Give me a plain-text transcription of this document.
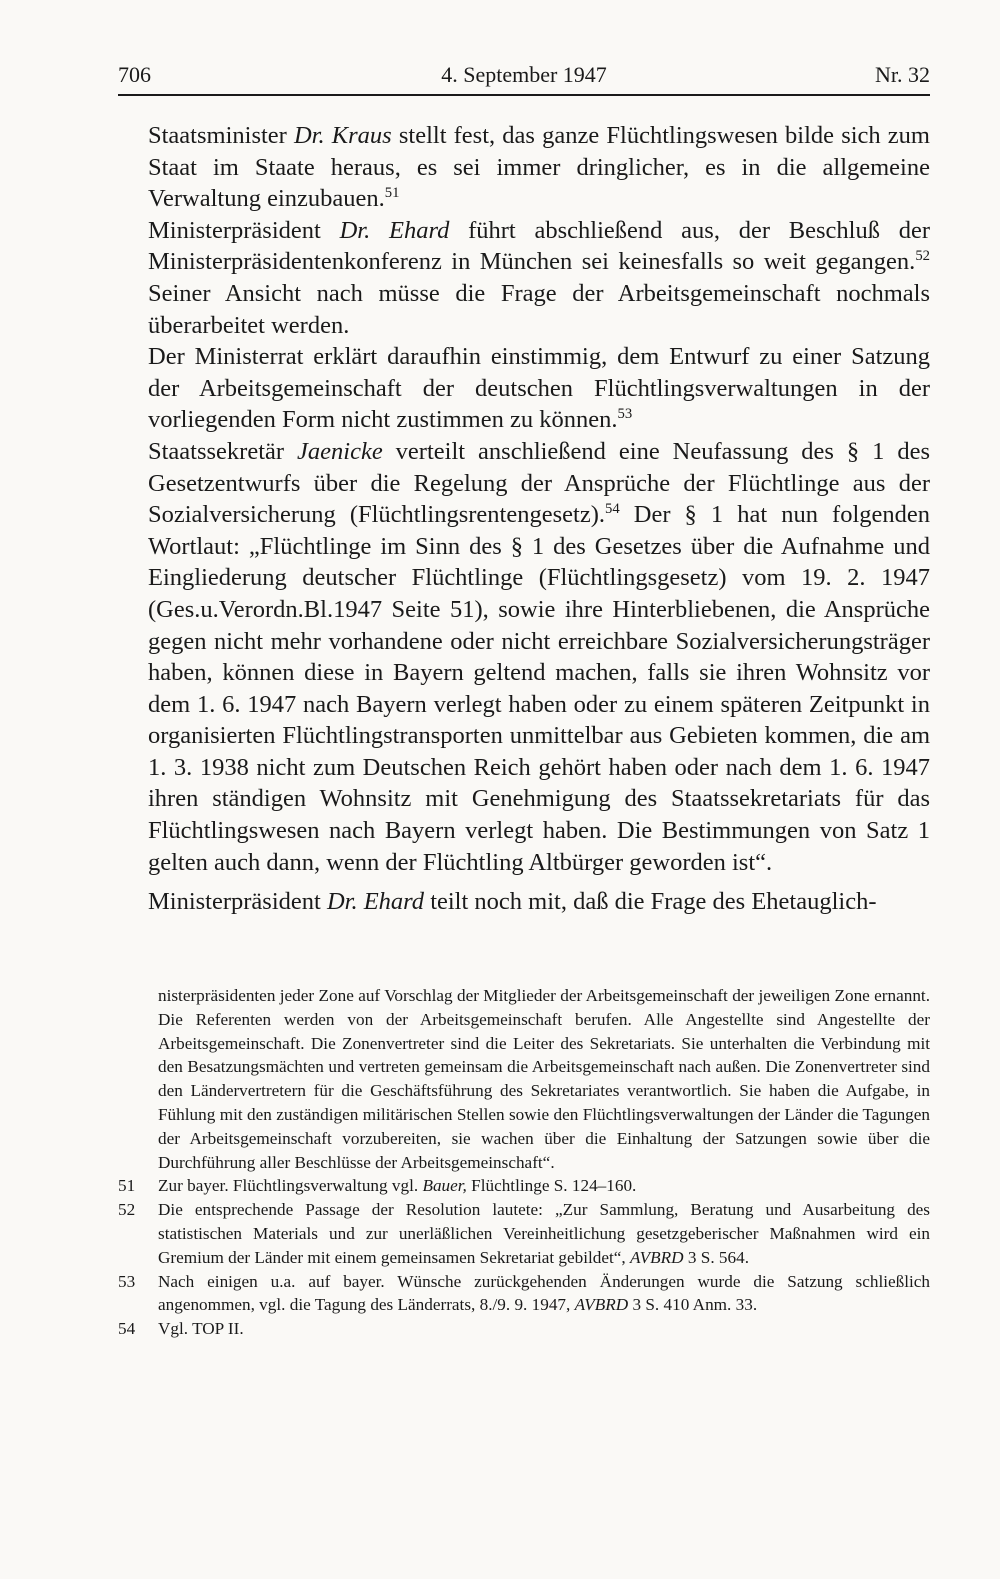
706	4. September 1947	Nr. 32

Staatsminister Dr. Kraus stellt fest, das ganze Flüchtlingswesen bilde sich zum Staat im Staate heraus, es sei immer dringlicher, es in die allgemeine Verwaltung einzubauen.$^{51}$

Ministerpräsident Dr. Ehard führt abschließend aus, der Beschluß der Ministerpräsidentenkonferenz in München sei keinesfalls so weit gegangen.$^{52}$ Seiner Ansicht nach müsse die Frage der Arbeitsgemeinschaft nochmals überarbeitet werden.

Der Ministerrat erklärt daraufhin einstimmig, dem Entwurf zu einer Satzung der Arbeitsgemeinschaft der deutschen Flüchtlingsverwaltungen in der vorliegenden Form nicht zustimmen zu können.$^{53}$

Staatssekretär Jaenicke verteilt anschließend eine Neufassung des § 1 des Gesetzentwurfs über die Regelung der Ansprüche der Flüchtlinge aus der Sozialversicherung (Flüchtlingsrentengesetz).$^{54}$ Der § 1 hat nun folgenden Wortlaut: „Flüchtlinge im Sinn des § 1 des Gesetzes über die Aufnahme und Eingliederung deutscher Flüchtlinge (Flüchtlingsgesetz) vom 19. 2. 1947 (Ges.u.Verordn.Bl.1947 Seite 51), sowie ihre Hinterbliebenen, die Ansprüche gegen nicht mehr vorhandene oder nicht erreichbare Sozialversicherungsträger haben, können diese in Bayern geltend machen, falls sie ihren Wohnsitz vor dem 1. 6. 1947 nach Bayern verlegt haben oder zu einem späteren Zeitpunkt in organisierten Flüchtlingstransporten unmittelbar aus Gebieten kommen, die am 1. 3. 1938 nicht zum Deutschen Reich gehört haben oder nach dem 1. 6. 1947 ihren ständigen Wohnsitz mit Genehmigung des Staatssekretariats für das Flüchtlingswesen nach Bayern verlegt haben. Die Bestimmungen von Satz 1 gelten auch dann, wenn der Flüchtling Altbürger geworden ist“.

Ministerpräsident Dr. Ehard teilt noch mit, daß die Frage des Ehetauglich-

nisterpräsidenten jeder Zone auf Vorschlag der Mitglieder der Arbeitsgemeinschaft der jeweiligen Zone ernannt. Die Referenten werden von der Arbeitsgemeinschaft berufen. Alle Angestellte sind Angestellte der Arbeitsgemeinschaft. Die Zonenvertreter sind die Leiter des Sekretariats. Sie unterhalten die Verbindung mit den Besatzungsmächten und vertreten gemeinsam die Arbeitsgemeinschaft nach außen. Die Zonenvertreter sind den Ländervertretern für die Geschäftsführung des Sekretariates verantwortlich. Sie haben die Aufgabe, in Fühlung mit den zuständigen militärischen Stellen sowie den Flüchtlingsverwaltungen der Länder die Tagungen der Arbeitsgemeinschaft vorzubereiten, sie wachen über die Einhaltung der Satzungen sowie über die Durchführung aller Beschlüsse der Arbeitsgemeinschaft“.

51	Zur bayer. Flüchtlingsverwaltung vgl. Bauer, Flüchtlinge S. 124–160.

52	Die entsprechende Passage der Resolution lautete: „Zur Sammlung, Beratung und Ausarbeitung des statistischen Materials und zur unerläßlichen Vereinheitlichung gesetzgeberischer Maßnahmen wird ein Gremium der Länder mit einem gemeinsamen Sekretariat gebildet“, AVBRD 3 S. 564.

53	Nach einigen u.a. auf bayer. Wünsche zurückgehenden Änderungen wurde die Satzung schließlich angenommen, vgl. die Tagung des Länderrats, 8./9. 9. 1947, AVBRD 3 S. 410 Anm. 33.

54	Vgl. TOP II.
